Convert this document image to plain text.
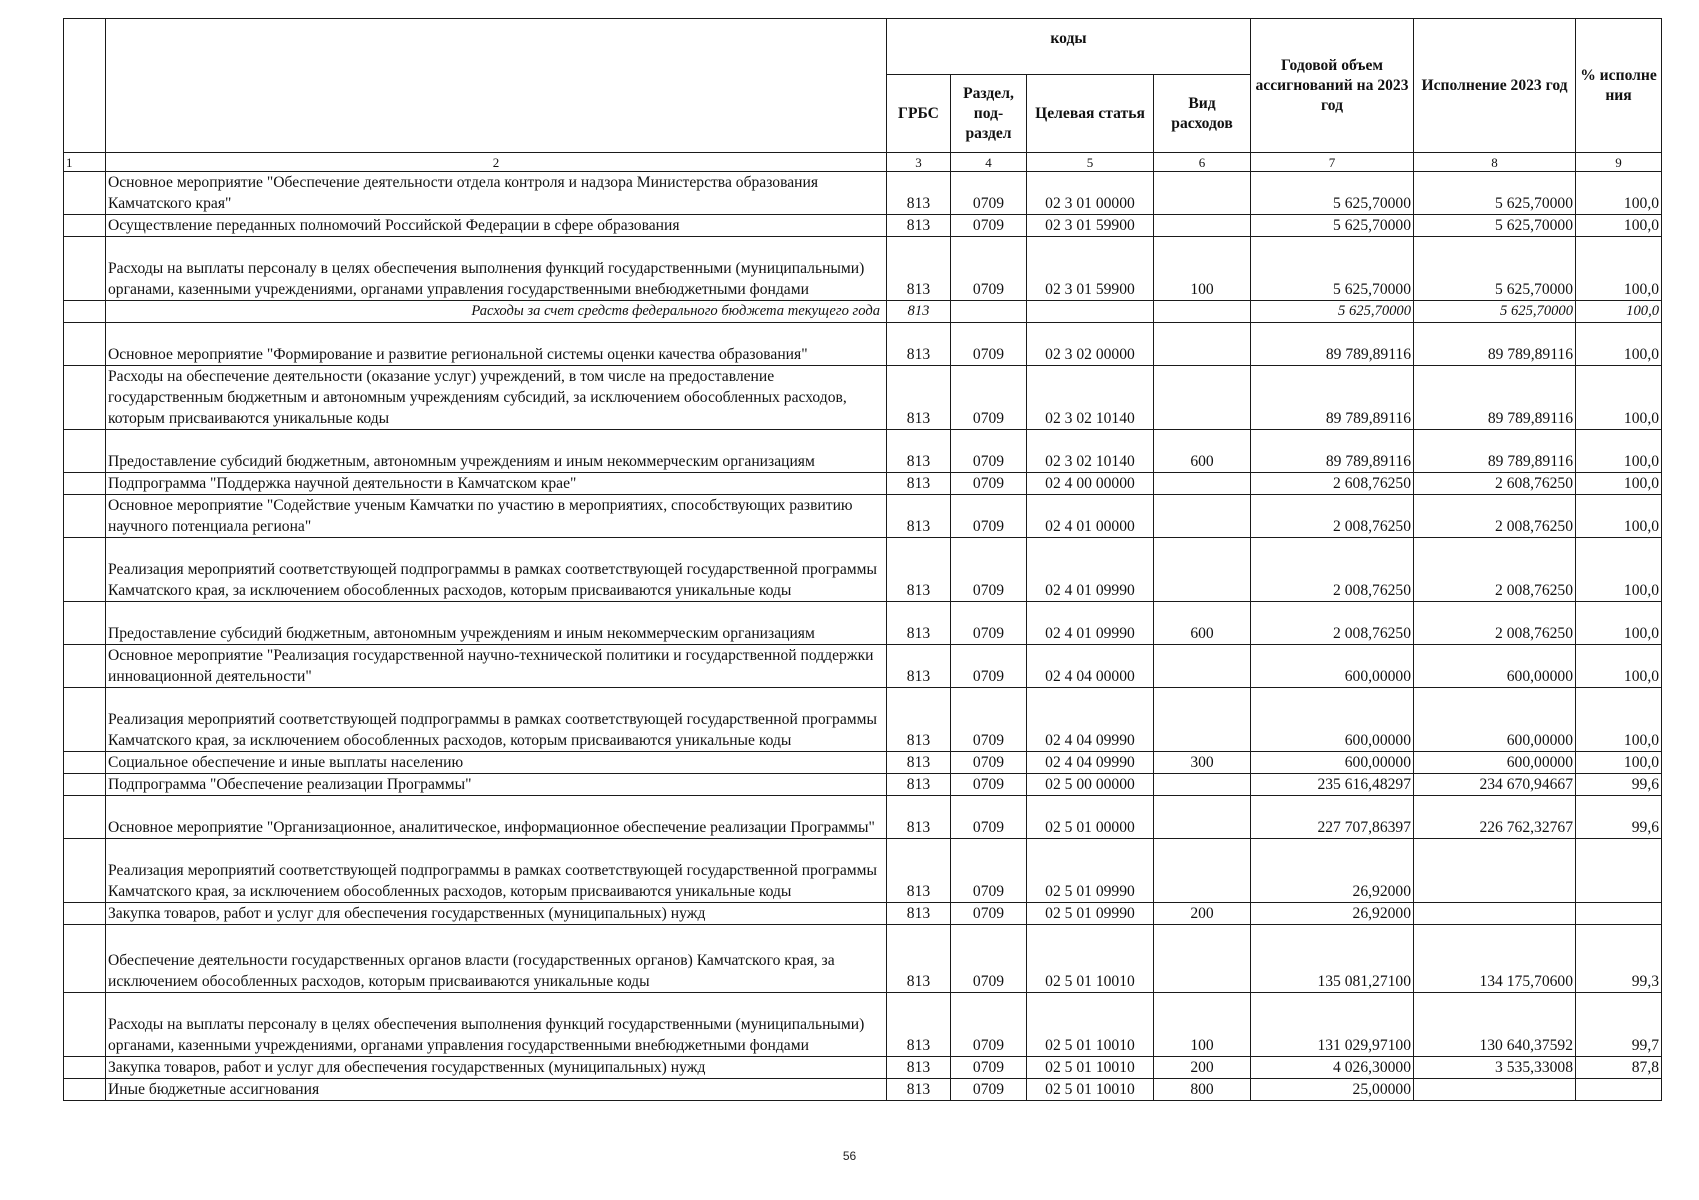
		коды				Годовой объем ассигнований на 2023 год	Исполнение 2023 год	% исполне ния
		ГРБС	Раздел, под-раздел	Целевая статья	Вид расходов			
1	2	3	4	5	6	7	8	9
	Основное мероприятие "Обеспечение деятельности отдела контроля и надзора Министерства образования Камчатского края"	813	0709	02 3 01 00000		5 625,70000	5 625,70000	100,0
	Осуществление переданных полномочий Российской Федерации в сфере образования	813	0709	02 3 01 59900		5 625,70000	5 625,70000	100,0
	Расходы на выплаты персоналу в целях обеспечения выполнения функций государственными (муниципальными) органами, казенными учреждениями, органами управления государственными внебюджетными фондами	813	0709	02 3 01 59900	100	5 625,70000	5 625,70000	100,0
	Расходы за счет средств федерального бюджета текущего года	813				5 625,70000	5 625,70000	100,0
	Основное мероприятие "Формирование и развитие региональной системы оценки качества образования"	813	0709	02 3 02 00000		89 789,89116	89 789,89116	100,0
	Расходы на обеспечение деятельности (оказание услуг) учреждений, в том числе на предоставление государственным бюджетным и автономным учреждениям субсидий, за исключением обособленных расходов, которым присваиваются уникальные коды	813	0709	02 3 02 10140		89 789,89116	89 789,89116	100,0
	Предоставление субсидий бюджетным, автономным учреждениям и иным некоммерческим организациям	813	0709	02 3 02 10140	600	89 789,89116	89 789,89116	100,0
	Подпрограмма "Поддержка научной деятельности в Камчатском крае"	813	0709	02 4 00 00000		2 608,76250	2 608,76250	100,0
	Основное мероприятие "Содействие ученым Камчатки по участию в мероприятиях, способствующих развитию научного потенциала региона"	813	0709	02 4 01 00000		2 008,76250	2 008,76250	100,0
	Реализация мероприятий соответствующей подпрограммы в рамках соответствующей государственной программы Камчатского края, за исключением обособленных расходов, которым присваиваются уникальные коды	813	0709	02 4 01 09990		2 008,76250	2 008,76250	100,0
	Предоставление субсидий бюджетным, автономным учреждениям и иным некоммерческим организациям	813	0709	02 4 01 09990	600	2 008,76250	2 008,76250	100,0
	Основное мероприятие "Реализация государственной научно-технической политики и государственной поддержки инновационной деятельности"	813	0709	02 4 04 00000		600,00000	600,00000	100,0
	Реализация мероприятий соответствующей подпрограммы в рамках соответствующей государственной программы Камчатского края, за исключением обособленных расходов, которым присваиваются уникальные коды	813	0709	02 4 04 09990		600,00000	600,00000	100,0
	Социальное обеспечение и иные выплаты населению	813	0709	02 4 04 09990	300	600,00000	600,00000	100,0
	Подпрограмма "Обеспечение реализации Программы"	813	0709	02 5 00 00000		235 616,48297	234 670,94667	99,6
	Основное мероприятие "Организационное, аналитическое, информационное обеспечение реализации Программы"	813	0709	02 5 01 00000		227 707,86397	226 762,32767	99,6
	Реализация мероприятий соответствующей подпрограммы в рамках соответствующей государственной программы Камчатского края, за исключением обособленных расходов, которым присваиваются уникальные коды	813	0709	02 5 01 09990		26,92000		
	Закупка товаров, работ и услуг для обеспечения государственных (муниципальных) нужд	813	0709	02 5 01 09990	200	26,92000		
	Обеспечение деятельности государственных органов власти (государственных органов) Камчатского края, за исключением обособленных расходов, которым присваиваются уникальные коды	813	0709	02 5 01 10010		135 081,27100	134 175,70600	99,3
	Расходы на выплаты персоналу в целях обеспечения выполнения функций государственными (муниципальными) органами, казенными учреждениями, органами управления государственными внебюджетными фондами	813	0709	02 5 01 10010	100	131 029,97100	130 640,37592	99,7
	Закупка товаров, работ и услуг для обеспечения государственных (муниципальных) нужд	813	0709	02 5 01 10010	200	4 026,30000	3 535,33008	87,8
	Иные бюджетные ассигнования	813	0709	02 5 01 10010	800	25,00000		
56
